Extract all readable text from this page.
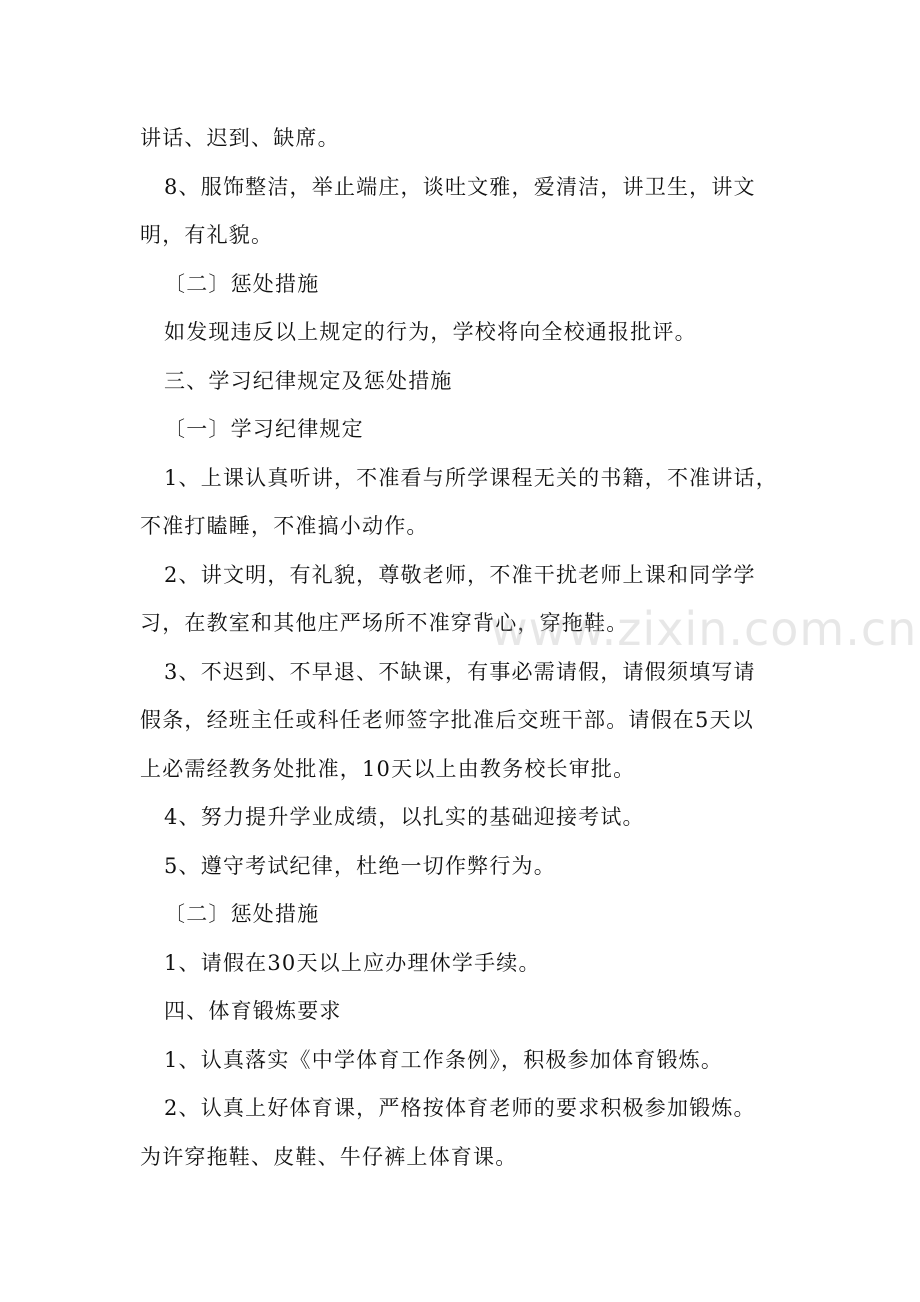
讲话、迟到、缺席。
8、服饰整洁，举止端庄，谈吐文雅，爱清洁，讲卫生，讲文
明，有礼貌。
〔二〕惩处措施
如发现违反以上规定的行为，学校将向全校通报批评。
三、学习纪律规定及惩处措施
〔一〕学习纪律规定
1、上课认真听讲，不准看与所学课程无关的书籍，不准讲话，
不准打瞌睡，不准搞小动作。
2、讲文明，有礼貌，尊敬老师，不准干扰老师上课和同学学
习，在教室和其他庄严场所不准穿背心，穿拖鞋。
3、不迟到、不早退、不缺课，有事必需请假，请假须填写请
假条，经班主任或科任老师签字批准后交班干部。请假在5天以
上必需经教务处批准，10天以上由教务校长审批。
4、努力提升学业成绩，以扎实的基础迎接考试。
5、遵守考试纪律，杜绝一切作弊行为。
〔二〕惩处措施
1、请假在30天以上应办理休学手续。
四、体育锻炼要求
1、认真落实《中学体育工作条例》，积极参加体育锻炼。
2、认真上好体育课，严格按体育老师的要求积极参加锻炼。
为许穿拖鞋、皮鞋、牛仔裤上体育课。
www.zixin.com.cn
